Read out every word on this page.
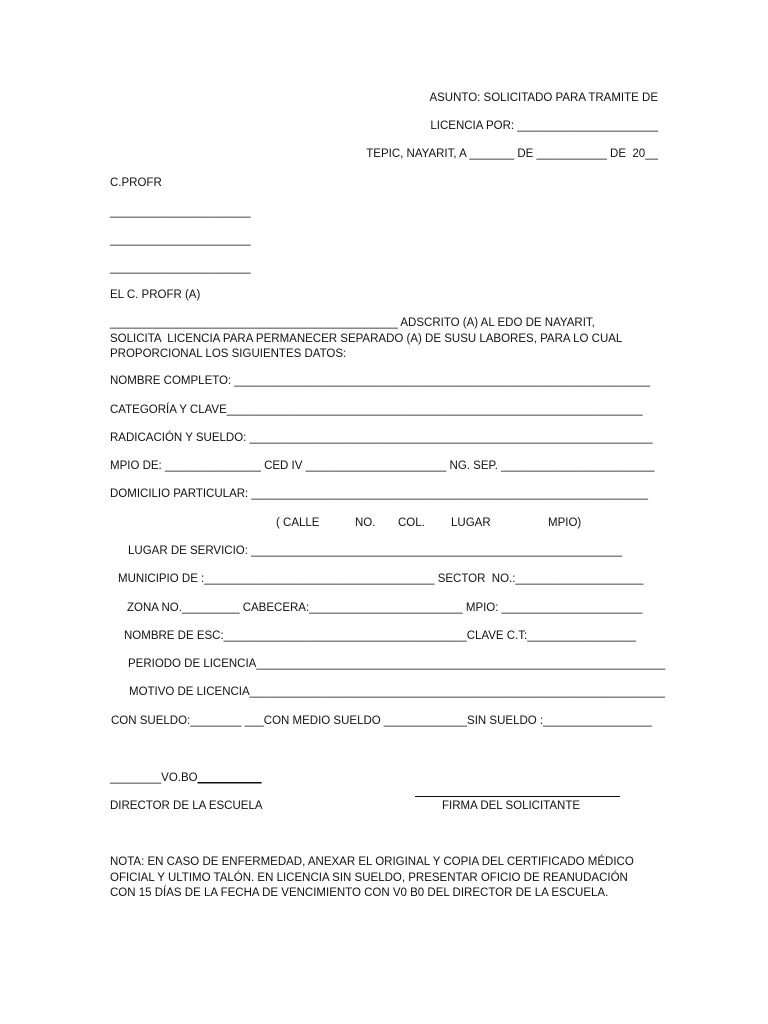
ASUNTO: SOLICITADO PARA TRAMITE DE
LICENCIA POR: ______________________
TEPIC, NAYARIT, A _______ DE ___________ DE  20__
C.PROFR
______________________
______________________
______________________
EL C. PROFR (A)
_____________________________________________ ADSCRITO (A) AL EDO DE NAYARIT,
SOLICITA  LICENCIA PARA PERMANECER SEPARADO (A) DE SUSU LABORES, PARA LO CUAL
PROPORCIONAL LOS SIGUIENTES DATOS:
NOMBRE COMPLETO: _________________________________________________________________
CATEGORÍA Y CLAVE_________________________________________________________________
RADICACIÓN Y SUELDO: _______________________________________________________________
MPIO DE: _______________ CED IV ______________________ NG. SEP. ________________________
DOMICILIO PARTICULAR: ______________________________________________________________
( CALLE	NO. COL. LUGAR	MPIO)
LUGAR DE SERVICIO: __________________________________________________________
MUNICIPIO DE :____________________________________ SECTOR  NO.:____________________
ZONA NO._________ CABECERA:________________________ MPIO: ______________________
NOMBRE DE ESC:______________________________________CLAVE C.T:_________________
PERIODO DE LICENCIA________________________________________________________________
MOTIVO DE LICENCIA_________________________________________________________________
CON SUELDO:________ ___CON MEDIO SUELDO _____________SIN SUELDO :_________________
________VO.BO__________
DIRECTOR DE LA ESCUELA	FIRMA DEL SOLICITANTE
NOTA: EN CASO DE ENFERMEDAD, ANEXAR EL ORIGINAL Y COPIA DEL CERTIFICADO MÉDICO
OFICIAL Y ULTIMO TALÓN. EN LICENCIA SIN SUELDO, PRESENTAR OFICIO DE REANUDACIÓN
CON 15 DÍAS DE LA FECHA DE VENCIMIENTO CON V0 B0 DEL DIRECTOR DE LA ESCUELA.
